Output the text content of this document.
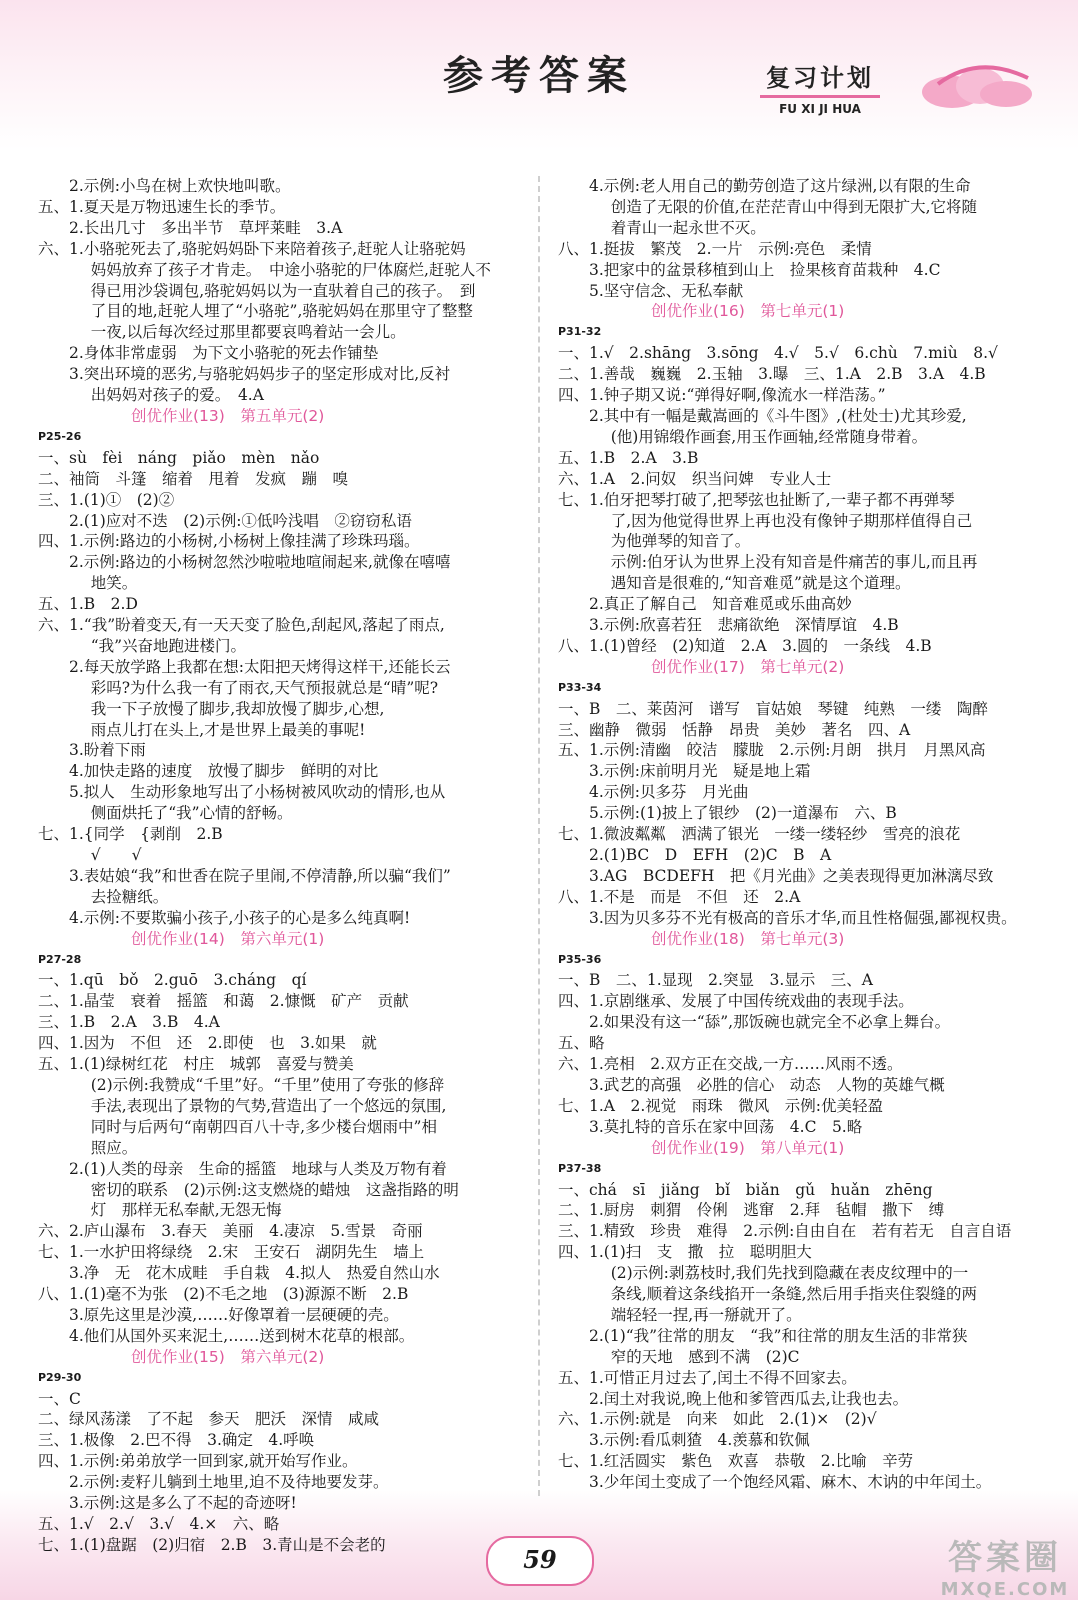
参考答案	复习计划
FU XI JI HUA
2.示例:小鸟在树上欢快地叫歌。
五、1.夏天是万物迅速生长的季节。
2.长出几寸　多出半节　草坪莱畦　3.A
六、1.小骆驼死去了,骆驼妈妈卧下来陪着孩子,赶驼人让骆驼妈
妈妈放弃了孩子才肯走。　中途小骆驼的尸体腐烂,赶驼人不
得已用沙袋调包,骆驼妈妈以为一直驮着自己的孩子。　到
了目的地,赶驼人埋了“小骆驼”,骆驼妈妈在那里守了整整
一夜,以后每次经过那里都要哀鸣着站一会儿。
2.身体非常虚弱　为下文小骆驼的死去作铺垫
3.突出环境的恶劣,与骆驼妈妈步子的坚定形成对比,反衬
出妈妈对孩子的爱。　4.A
创优作业(13)　第五单元(2)
P25-26
一、sù　fèi　náng　piǎo　mèn　nǎo
二、袖筒　斗篷　缩着　甩着　发疯　蹦　嗅
三、1.(1)①　(2)②
2.(1)应对不迭　(2)示例:①低吟浅唱　②窃窃私语
四、1.示例:路边的小杨树,小杨树上像挂满了珍珠玛瑙。
2.示例:路边的小杨树忽然沙啦啦地喧闹起来,就像在嘻嘻
地笑。
五、1.B　2.D
六、1.“我”盼着变天,有一天天变了脸色,刮起风,落起了雨点,
“我”兴奋地跑进楼门。
2.每天放学路上我都在想:太阳把天烤得这样干,还能长云
彩吗?为什么我一有了雨衣,天气预报就总是“晴”呢?
我一下子放慢了脚步,我却放慢了脚步,心想,
雨点儿打在头上,才是世界上最美的事呢!
3.盼着下雨
4.加快走路的速度　放慢了脚步　鲜明的对比
5.拟人　生动形象地写出了小杨树被风吹动的情形,也从
侧面烘托了“我”心情的舒畅。
七、1.{同学　{剥削　2.B
√　　√
3.表姑娘“我”和世香在院子里闹,不停清静,所以骗“我们”
去捡糖纸。
4.示例:不要欺骗小孩子,小孩子的心是多么纯真啊!
创优作业(14)　第六单元(1)
P27-28
一、1.qū　bǒ　2.guō　3.cháng　qí
二、1.晶莹　衰着　摇篮　和蔼　2.慷慨　矿产　贡献
三、1.B　2.A　3.B　4.A
四、1.因为　不但　还　2.即使　也　3.如果　就
五、1.(1)绿树红花　村庄　城郭　喜爱与赞美
(2)示例:我赞成“千里”好。“千里”使用了夸张的修辞
手法,表现出了景物的气势,营造出了一个悠远的氛围,
同时与后两句“南朝四百八十寺,多少楼台烟雨中”相
照应。
2.(1)人类的母亲　生命的摇篮　地球与人类及万物有着
密切的联系　(2)示例:这支燃烧的蜡烛　这盏指路的明
灯　那样无私奉献,无怨无悔
六、2.庐山瀑布　3.春天　美丽　4.凄凉　5.雪景　奇丽
七、1.一水护田将绿绕　2.宋　王安石　湖阴先生　墙上
3.净　无　花木成畦　手自栽　4.拟人　热爱自然山水
八、1.(1)毫不为张　(2)不毛之地　(3)源源不断　2.B
3.原先这里是沙漠,……好像罩着一层硬硬的壳。
4.他们从国外买来泥土,……送到树木花草的根部。
创优作业(15)　第六单元(2)
P29-30
一、C
二、绿风荡漾　了不起　参天　肥沃　深情　咸咸
三、1.极像　2.巴不得　3.确定　4.呼唤
四、1.示例:弟弟放学一回到家,就开始写作业。
2.示例:麦籽儿躺到土地里,迫不及待地要发芽。
3.示例:这是多么了不起的奇迹呀!
五、1.√　2.√　3.√　4.×　六、略
七、1.(1)盘踞　(2)归宿　2.B　3.青山是不会老的
4.示例:老人用自己的勤劳创造了这片绿洲,以有限的生命
创造了无限的价值,在茫茫青山中得到无限扩大,它将随
着青山一起永世不灭。
八、1.挺拔　繁茂　2.一片　示例:亮色　柔情
3.把家中的盆景移植到山上　捡果核育苗栽种　4.C
5.坚守信念、无私奉献
创优作业(16)　第七单元(1)
P31-32
一、1.√　2.shāng　3.sōng　4.√　5.√　6.chù　7.miù　8.√
二、1.善哉　巍巍　2.玉轴　3.曝　三、1.A　2.B　3.A　4.B
四、1.钟子期又说:“弹得好啊,像流水一样浩荡。”
2.其中有一幅是戴嵩画的《斗牛图》,(杜处士)尤其珍爱,
(他)用锦缎作画套,用玉作画轴,经常随身带着。
五、1.B　2.A　3.B
六、1.A　2.问奴　织当问婢　专业人士
七、1.伯牙把琴打破了,把琴弦也扯断了,一辈子都不再弹琴
了,因为他觉得世界上再也没有像钟子期那样值得自己
为他弹琴的知音了。
示例:伯牙认为世界上没有知音是件痛苦的事儿,而且再
遇知音是很难的,“知音难觅”就是这个道理。
2.真正了解自己　知音难觅或乐曲高妙
3.示例:欣喜若狂　悲痛欲绝　深情厚谊　4.B
八、1.(1)曾经　(2)知道　2.A　3.圆的　一条线　4.B
创优作业(17)　第七单元(2)
P33-34
一、B　二、莱茵河　谱写　盲姑娘　琴键　纯熟　一缕　陶醉
三、幽静　微弱　恬静　昂贵　美妙　著名　四、A
五、1.示例:清幽　皎洁　朦胧　2.示例:月朗　拱月　月黑风高
3.示例:床前明月光　疑是地上霜
4.示例:贝多芬　月光曲
5.示例:(1)披上了银纱　(2)一道瀑布　六、B
七、1.微波粼粼　洒满了银光　一缕一缕轻纱　雪亮的浪花
2.(1)BC　D　EFH　(2)C　B　A
3.AG　BCDEFH　把《月光曲》之美表现得更加淋漓尽致
八、1.不是　而是　不但　还　2.A
3.因为贝多芬不光有极高的音乐才华,而且性格倔强,鄙视权贵。
创优作业(18)　第七单元(3)
P35-36
一、B　二、1.显现　2.突显　3.显示　三、A
四、1.京剧继承、发展了中国传统戏曲的表现手法。
2.如果没有这一“舔”,那饭碗也就完全不必拿上舞台。
五、略
六、1.亮相　2.双方正在交战,一方……风雨不透。
3.武艺的高强　必胜的信心　动态　人物的英雄气概
七、1.A　2.视觉　雨珠　微风　示例:优美轻盈
3.莫扎特的音乐在家中回荡　4.C　5.略
创优作业(19)　第八单元(1)
P37-38
一、chá　sī　jiǎng　bǐ　biǎn　gǔ　huǎn　zhēng
二、1.厨房　刺猬　伶俐　逃窜　2.拜　毡帽　撒下　缚
三、1.精致　珍贵　难得　2.示例:自由自在　若有若无　自言自语
四、1.(1)扫　支　撒　拉　聪明胆大
(2)示例:剥荔枝时,我们先找到隐藏在表皮纹理中的一
条线,顺着这条线掐开一条缝,然后用手指夹住裂缝的两
端轻轻一捏,再一掰就开了。
2.(1)“我”往常的朋友　“我”和往常的朋友生活的非常狭
窄的天地　感到不满　(2)C
五、1.可惜正月过去了,闰土不得不回家去。
2.闰土对我说,晚上他和爹管西瓜去,让我也去。
六、1.示例:就是　向来　如此　2.(1)×　(2)√
3.示例:看瓜刺猹　4.羡慕和钦佩
七、1.红活圆实　紫色　欢喜　恭敬　2.比喻　辛劳
3.少年闰土变成了一个饱经风霜、麻木、木讷的中年闰土。
59	答案圈
MXQE.COM
